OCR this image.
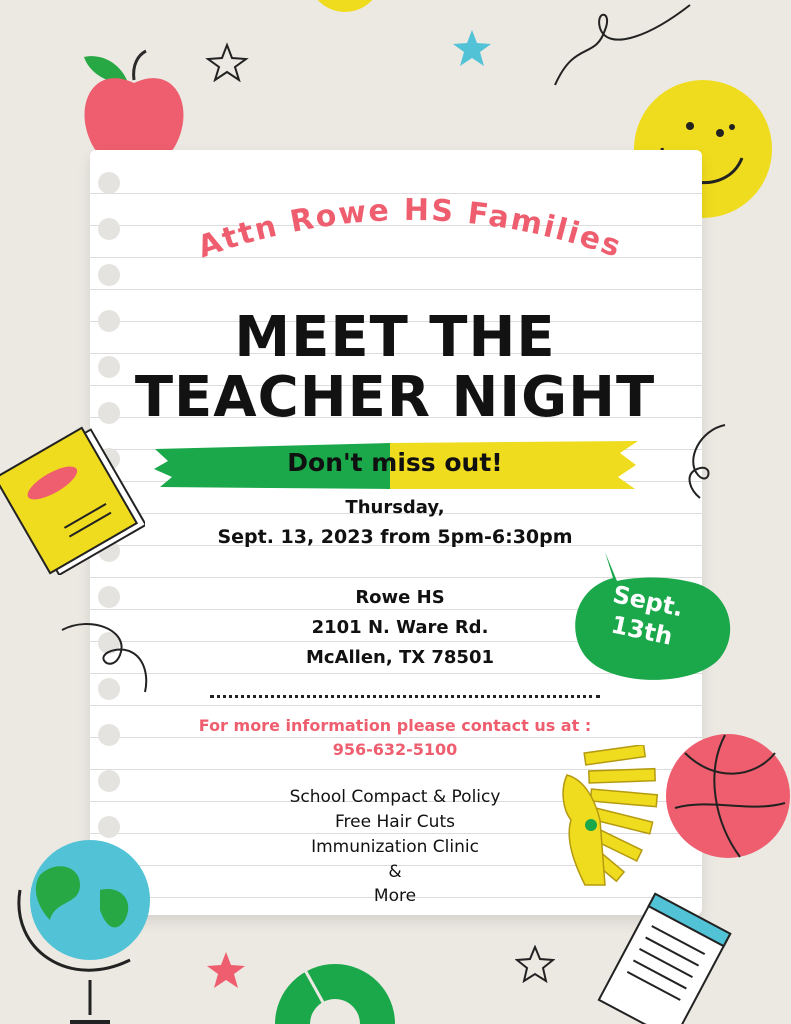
Attn Rowe HS Families
MEET THE
TEACHER NIGHT
Don't miss out!
Thursday,
Sept. 13, 2023 from 5pm-6:30pm
Rowe HS
2101 N. Ware Rd.
McAllen, TX 78501
For more information please contact us at :
956-632-5100
School Compact & Policy
Free Hair Cuts
Immunization Clinic
&
More
Sept.
13th
